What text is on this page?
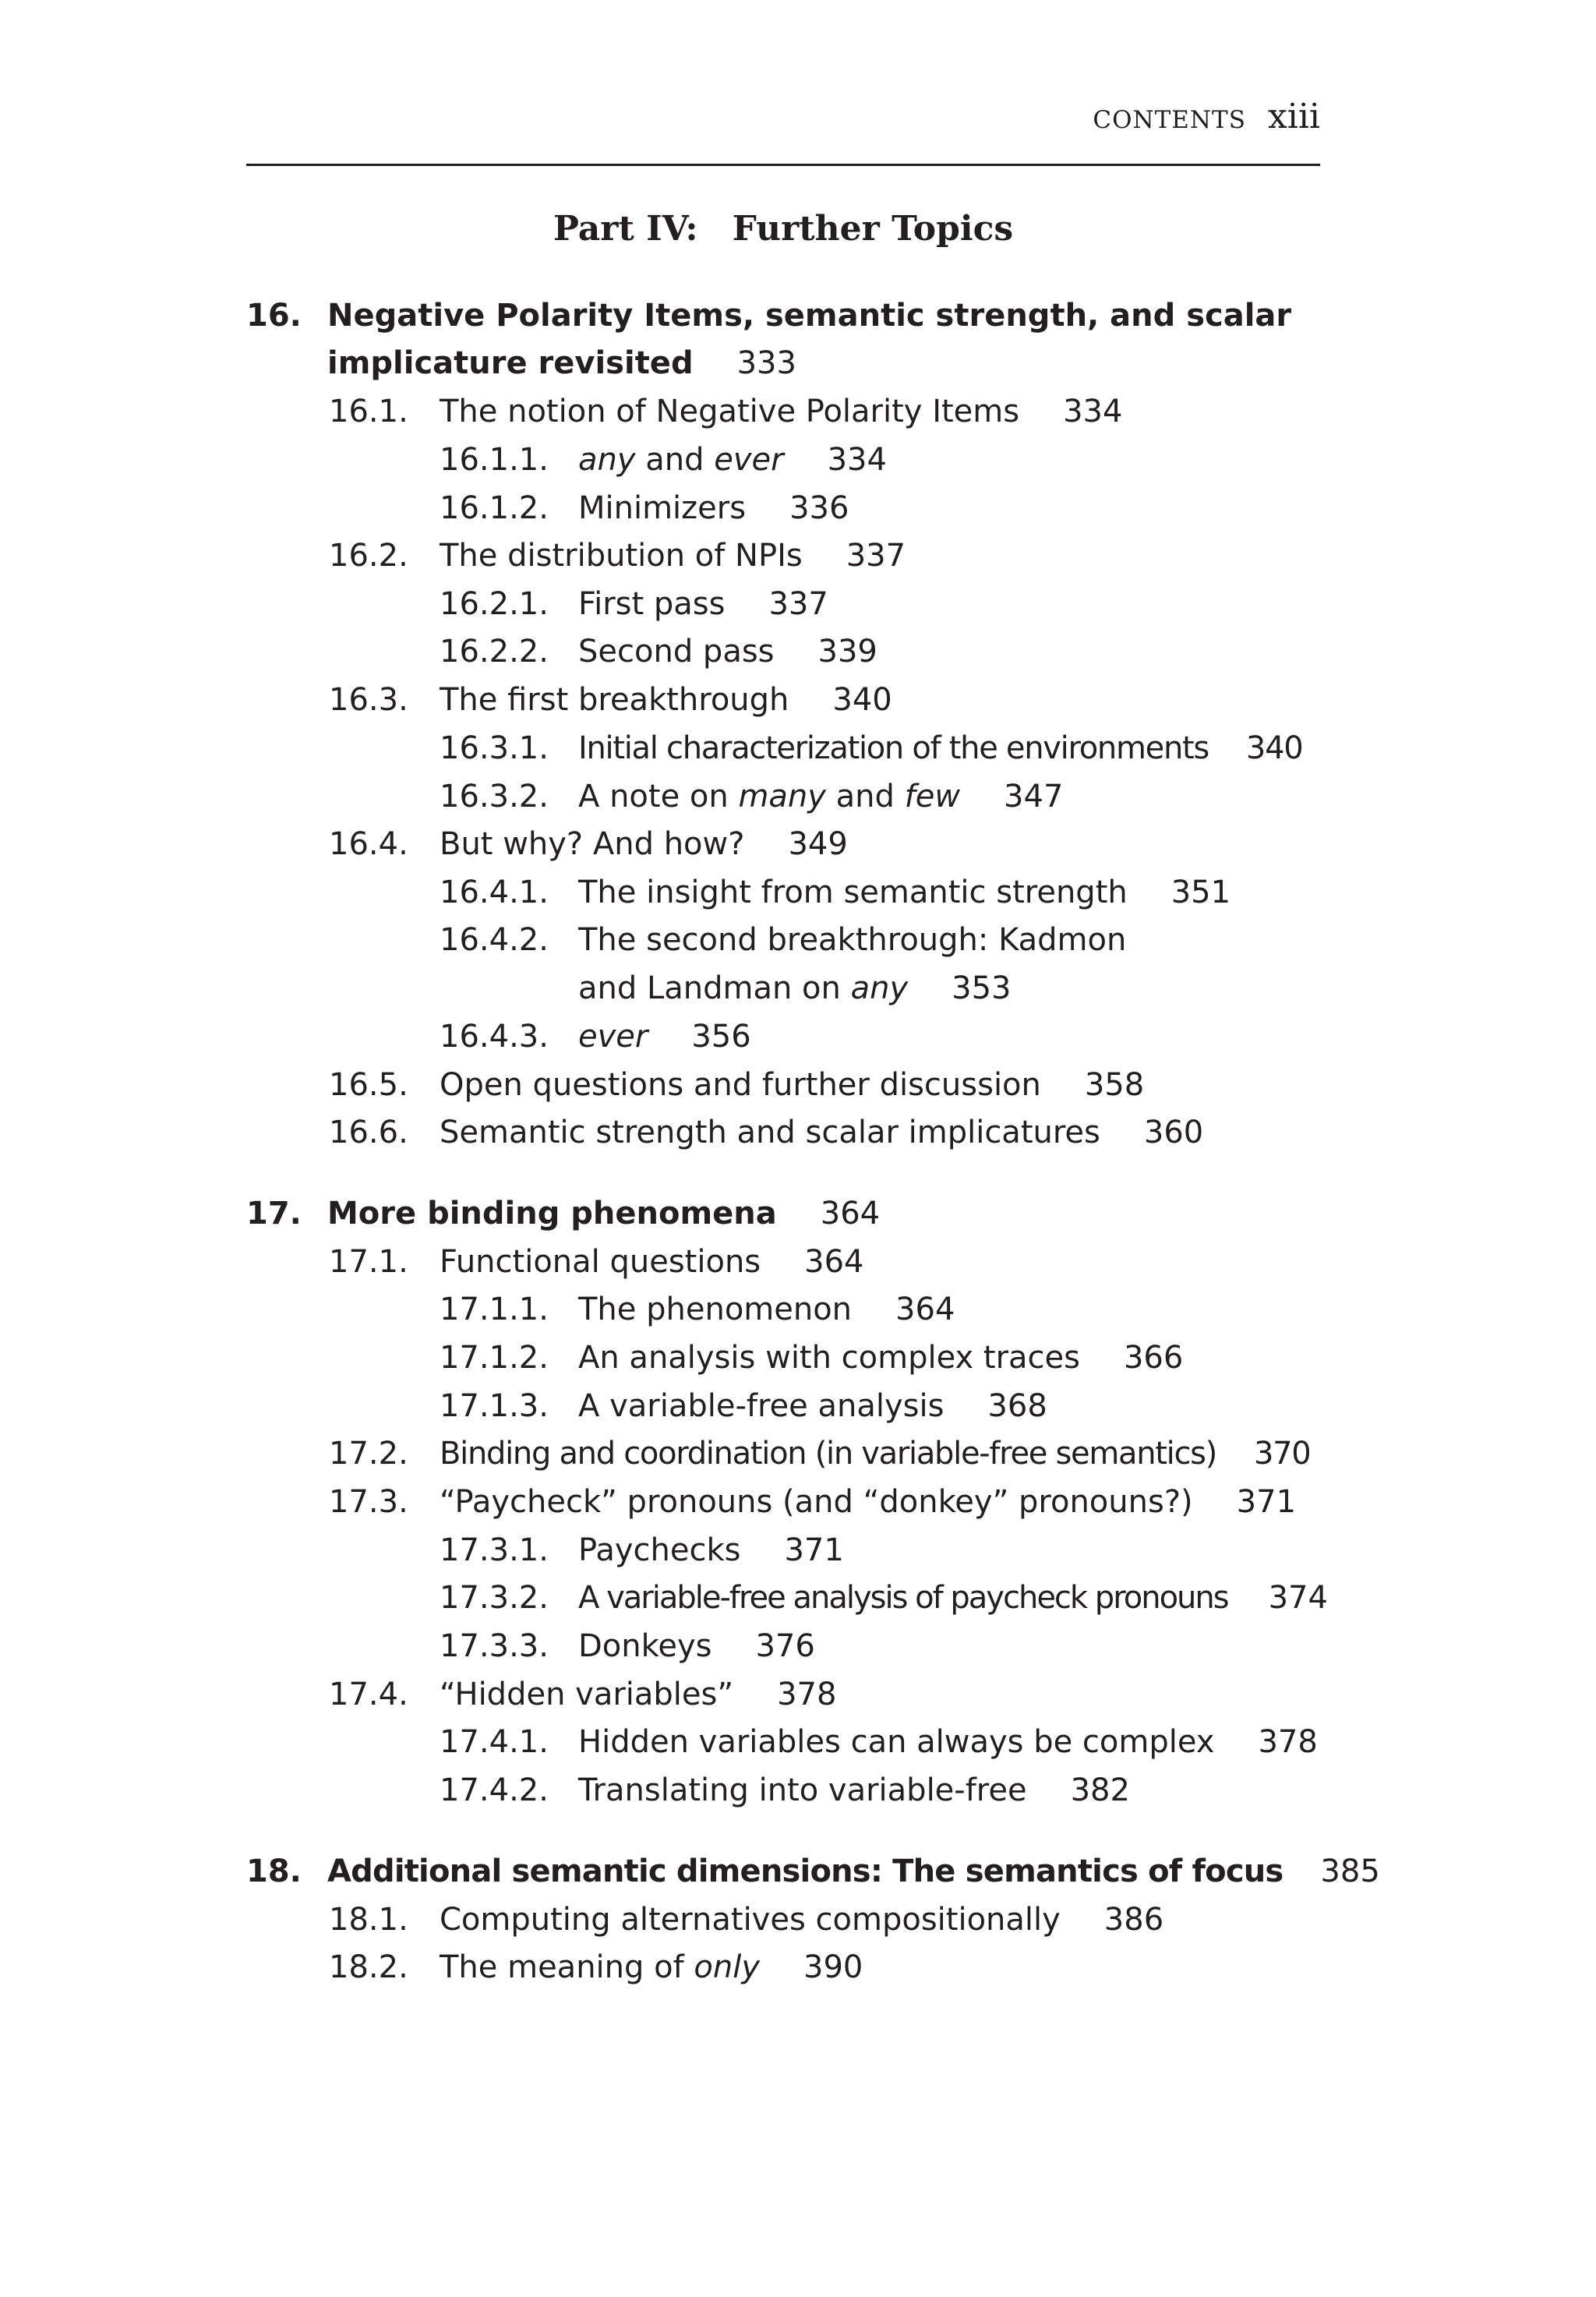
CONTENTS xiii
Part IV: Further Topics
16. Negative Polarity Items, semantic strength, and scalar
implicature revisited 333
16.1. The notion of Negative Polarity Items 334
16.1.1. any and ever 334
16.1.2. Minimizers 336
16.2. The distribution of NPIs 337
16.2.1. First pass 337
16.2.2. Second pass 339
16.3. The first breakthrough 340
16.3.1. Initial characterization of the environments 340
16.3.2. A note on many and few 347
16.4. But why? And how? 349
16.4.1. The insight from semantic strength 351
16.4.2. The second breakthrough: Kadmon
and Landman on any 353
16.4.3. ever 356
16.5. Open questions and further discussion 358
16.6. Semantic strength and scalar implicatures 360
17. More binding phenomena 364
17.1. Functional questions 364
17.1.1. The phenomenon 364
17.1.2. An analysis with complex traces 366
17.1.3. A variable-free analysis 368
17.2. Binding and coordination (in variable-free semantics) 370
17.3. “Paycheck” pronouns (and “donkey” pronouns?) 371
17.3.1. Paychecks 371
17.3.2. A variable-free analysis of paycheck pronouns 374
17.3.3. Donkeys 376
17.4. “Hidden variables” 378
17.4.1. Hidden variables can always be complex 378
17.4.2. Translating into variable-free 382
18. Additional semantic dimensions: The semantics of focus 385
18.1. Computing alternatives compositionally 386
18.2. The meaning of only 390
